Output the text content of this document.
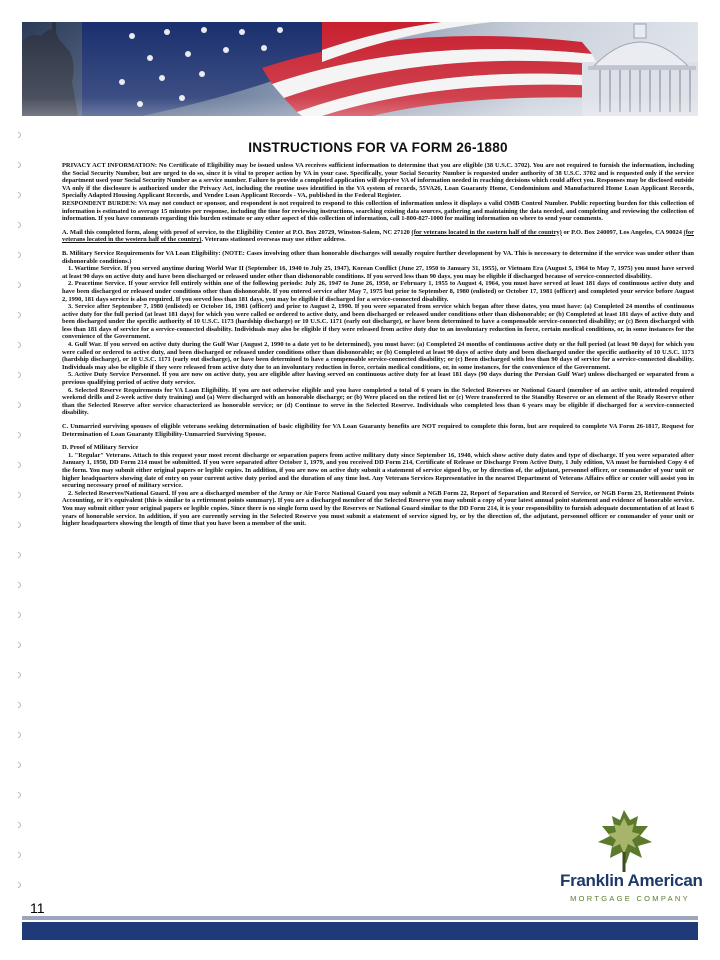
INSTRUCTIONS FOR VA FORM 26-1880

PRIVACY ACT INFORMATION: No Certificate of Eligibility may be issued unless VA receives sufficient information to determine that you are eligible (38 U.S.C. 3702). You are not required to furnish the information, including the Social Security Number, but are urged to do so, since it is vital to proper action by VA in your case. Specifically, your Social Security Number is requested under authority of 38 U.S.C. 3702 and is requested only if the service department used your Social Security Number as a service number. Failure to provide a completed application will deprive VA of information needed in reaching decisions which could affect you. Responses may be disclosed outside VA only if the disclosure is authorized under the Privacy Act, including the routine uses identified in the VA system of records, 55VA26, Loan Guaranty Home, Condominium and Manufactured Home Loan Applicant Records, Specially Adapted Housing Applicant Records, and Vendee Loan Applicant Records - VA, published in the Federal Register.

RESPONDENT BURDEN: VA may not conduct or sponsor, and respondent is not required to respond to this collection of information unless it displays a valid OMB Control Number. Public reporting burden for this collection of information is estimated to average 15 minutes per response, including the time for reviewing instructions, searching existing data sources, gathering and maintaining the data needed, and completing and reviewing the collection of information. If you have comments regarding this burden estimate or any other aspect of this collection of information, call 1-800-827-1000 for mailing information on where to send your comments.

A. Mail this completed form, along with proof of service, to the Eligibility Center at P.O. Box 20729, Winston-Salem, NC 27120 (for veterans located in the eastern half of the country) or P.O. Box 240097, Los Angeles, CA 90024 (for veterans located in the western half of the country). Veterans stationed overseas may use either address.

B. Military Service Requirements for VA Loan Eligibility: (NOTE: Cases involving other than honorable discharges will usually require further development by VA. This is necessary to determine if the service was under other than dishonorable conditions.)

1. Wartime Service. If you served anytime during World War II (September 16, 1940 to July 25, 1947), Korean Conflict (June 27, 1950 to January 31, 1955), or Vietnam Era (August 5, 1964 to May 7, 1975) you must have served at least 90 days on active duty and have been discharged or released under other than dishonorable conditions. If you served less than 90 days, you may be eligible if discharged because of service-connected disability.

2. Peacetime Service. If your service fell entirely within one of the following periods: July 26, 1947 to June 26, 1950, or February 1, 1955 to August 4, 1964, you must have served at least 181 days of continuous active duty and have been discharged or released under conditions other than dishonorable. If you entered service after May 7, 1975 but prior to September 8, 1980 (enlisted) or October 17, 1981 (officer) and completed your service before August 2, 1990, 181 days service is also required. If you served less than 181 days, you may be eligible if discharged for a service-connected disability.

3. Service after September 7, 1980 (enlisted) or October 16, 1981 (officer) and prior to August 2, 1990. If you were separated from service which began after these dates, you must have: (a) Completed 24 months of continuous active duty for the full period (at least 181 days) for which you were called or ordered to active duty, and been discharged or released under conditions other than dishonorable; or (b) Completed at least 181 days of active duty and been discharged under the specific authority of 10 U.S.C. 1173 (hardship discharge) or 10 U.S.C. 1171 (early out discharge), or have been determined to have a compensable service-connected disability; or (c) Been discharged with less than 181 days of service for a service-connected disability. Individuals may also be eligible if they were released from active duty due to an involuntary reduction in force, certain medical conditions, or, in some instances for the convenience of the Government.

4. Gulf War. If you served on active duty during the Gulf War (August 2, 1990 to a date yet to be determined), you must have: (a) Completed 24 months of continuous active duty or the full period (at least 90 days) for which you were called or ordered to active duty, and been discharged or released under conditions other than dishonorable; or (b) Completed at least 90 days of active duty and been discharged under the specific authority of 10 U.S.C. 1173 (hardship discharge), or 10 U.S.C. 1171 (early out discharge), or have been determined to have a compensable service-connected disability; or (c) Been discharged with less than 90 days of service for a service-connected disability. Individuals may also be eligible if they were released from active duty due to an involuntary reduction in force, certain medical conditions, or, in some instances, for the convenience of the Government.

5. Active Duty Service Personnel. If you are now on active duty, you are eligible after having served on continuous active duty for at least 181 days (90 days during the Persian Gulf War) unless discharged or separated from a previous qualifying period of active duty service.

6. Selected Reserve Requirements for VA Loan Eligibility. If you are not otherwise eligible and you have completed a total of 6 years in the Selected Reserves or National Guard (member of an active unit, attended required weekend drills and 2-week active duty training) and (a) Were discharged with an honorable discharge; or (b) Were placed on the retired list or (c) Were transferred to the Standby Reserve or an element of the Ready Reserve other than the Selected Reserve after service characterized as honorable service; or (d) Continue to serve in the Selected Reserve. Individuals who completed less than 6 years may be eligible if discharged for a service-connected disability.

C. Unmarried surviving spouses of eligible veterans seeking determination of basic eligibility for VA Loan Guaranty benefits are NOT required to complete this form, but are required to complete VA Form 26-1817, Request for Determination of Loan Guaranty Eligibility-Unmarried Surviving Spouse.

D. Proof of Military Service

1. "Regular" Veterans. Attach to this request your most recent discharge or separation papers from active military duty since September 16, 1940, which show active duty dates and type of discharge. If you were separated after January 1, 1950, DD Form 214 must be submitted. If you were separated after October 1, 1979, and you received DD Form 214, Certificate of Release or Discharge From Active Duty, 1 July edition, VA must be furnished Copy 4 of the form. You may submit either original papers or legible copies. In addition, if you are now on active duty submit a statement of service signed by, or by direction of, the adjutant, personnel officer, or commander of your unit or higher headquarters showing date of entry on your current active duty period and the duration of any time lost. Any Veterans Services Representative in the nearest Department of Veterans Affairs office or center will assist you in securing necessary proof of military service.

2. Selected Reserves/National Guard. If you are a discharged member of the Army or Air Force National Guard you may submit a NGB Form 22, Report of Separation and Record of Service, or NGB Form 23, Retirement Points Accounting, or it's equivalent (this is similar to a retirement points summary). If you are a discharged member of the Selected Reserve you may submit a copy of your latest annual point statement and evidence of honorable service. You may submit either your original papers or legible copies. Since there is no single form used by the Reserves or National Guard similar to the DD Form 214, it is your responsibility to furnish adequate documentation of at least 6 years of honorable service. In addition, if you are currently serving in the Selected Reserve you must submit a statement of service signed by, or by the direction of, the adjutant, personnel officer or commander of your unit or higher headquarters showing the length of time that you have been a member of the unit.

Franklin American
MORTGAGE COMPANY
11
